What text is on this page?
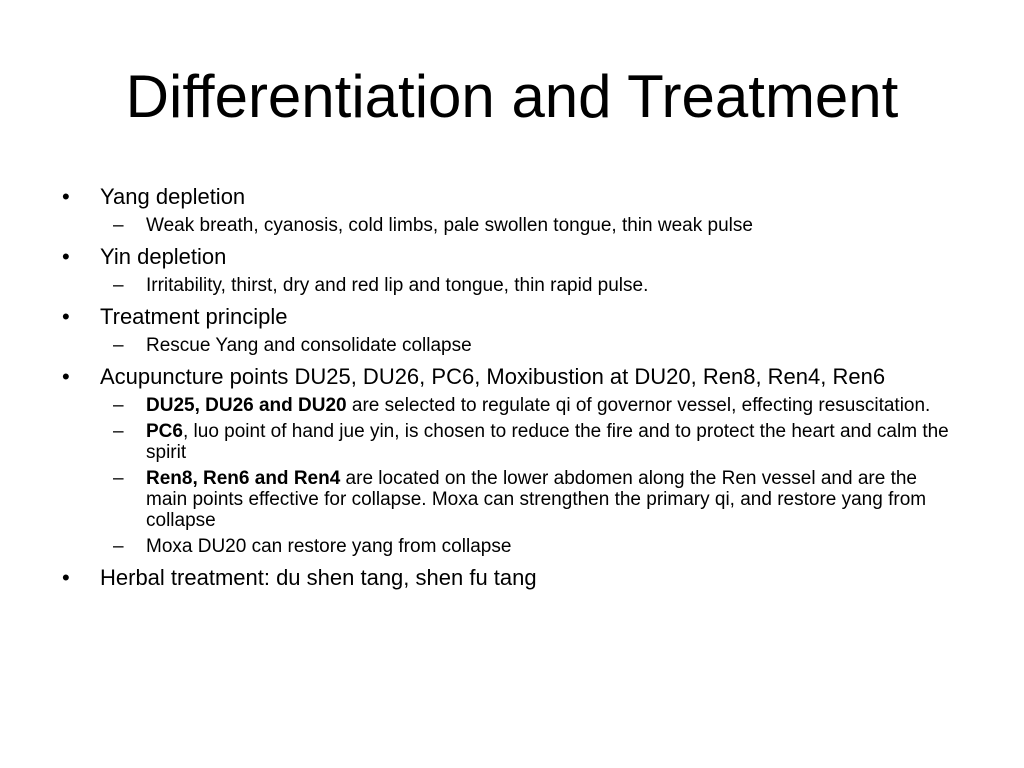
Differentiation and Treatment
• Yang depletion
– Weak breath, cyanosis, cold limbs, pale swollen tongue, thin weak pulse
• Yin depletion
– Irritability, thirst, dry and red lip and tongue, thin rapid pulse.
• Treatment principle
– Rescue Yang and consolidate collapse
• Acupuncture points DU25, DU26, PC6, Moxibustion at DU20, Ren8, Ren4, Ren6
– DU25, DU26 and DU20 are selected to regulate qi of governor vessel, effecting resuscitation.
– PC6, luo point of hand jue yin, is chosen to reduce the fire and to protect the heart and calm the spirit
– Ren8, Ren6 and Ren4 are located on the lower abdomen along the Ren vessel and are the main points effective for collapse. Moxa can strengthen the primary qi, and restore yang from collapse
– Moxa DU20 can restore yang from collapse
• Herbal treatment: du shen tang, shen fu tang
